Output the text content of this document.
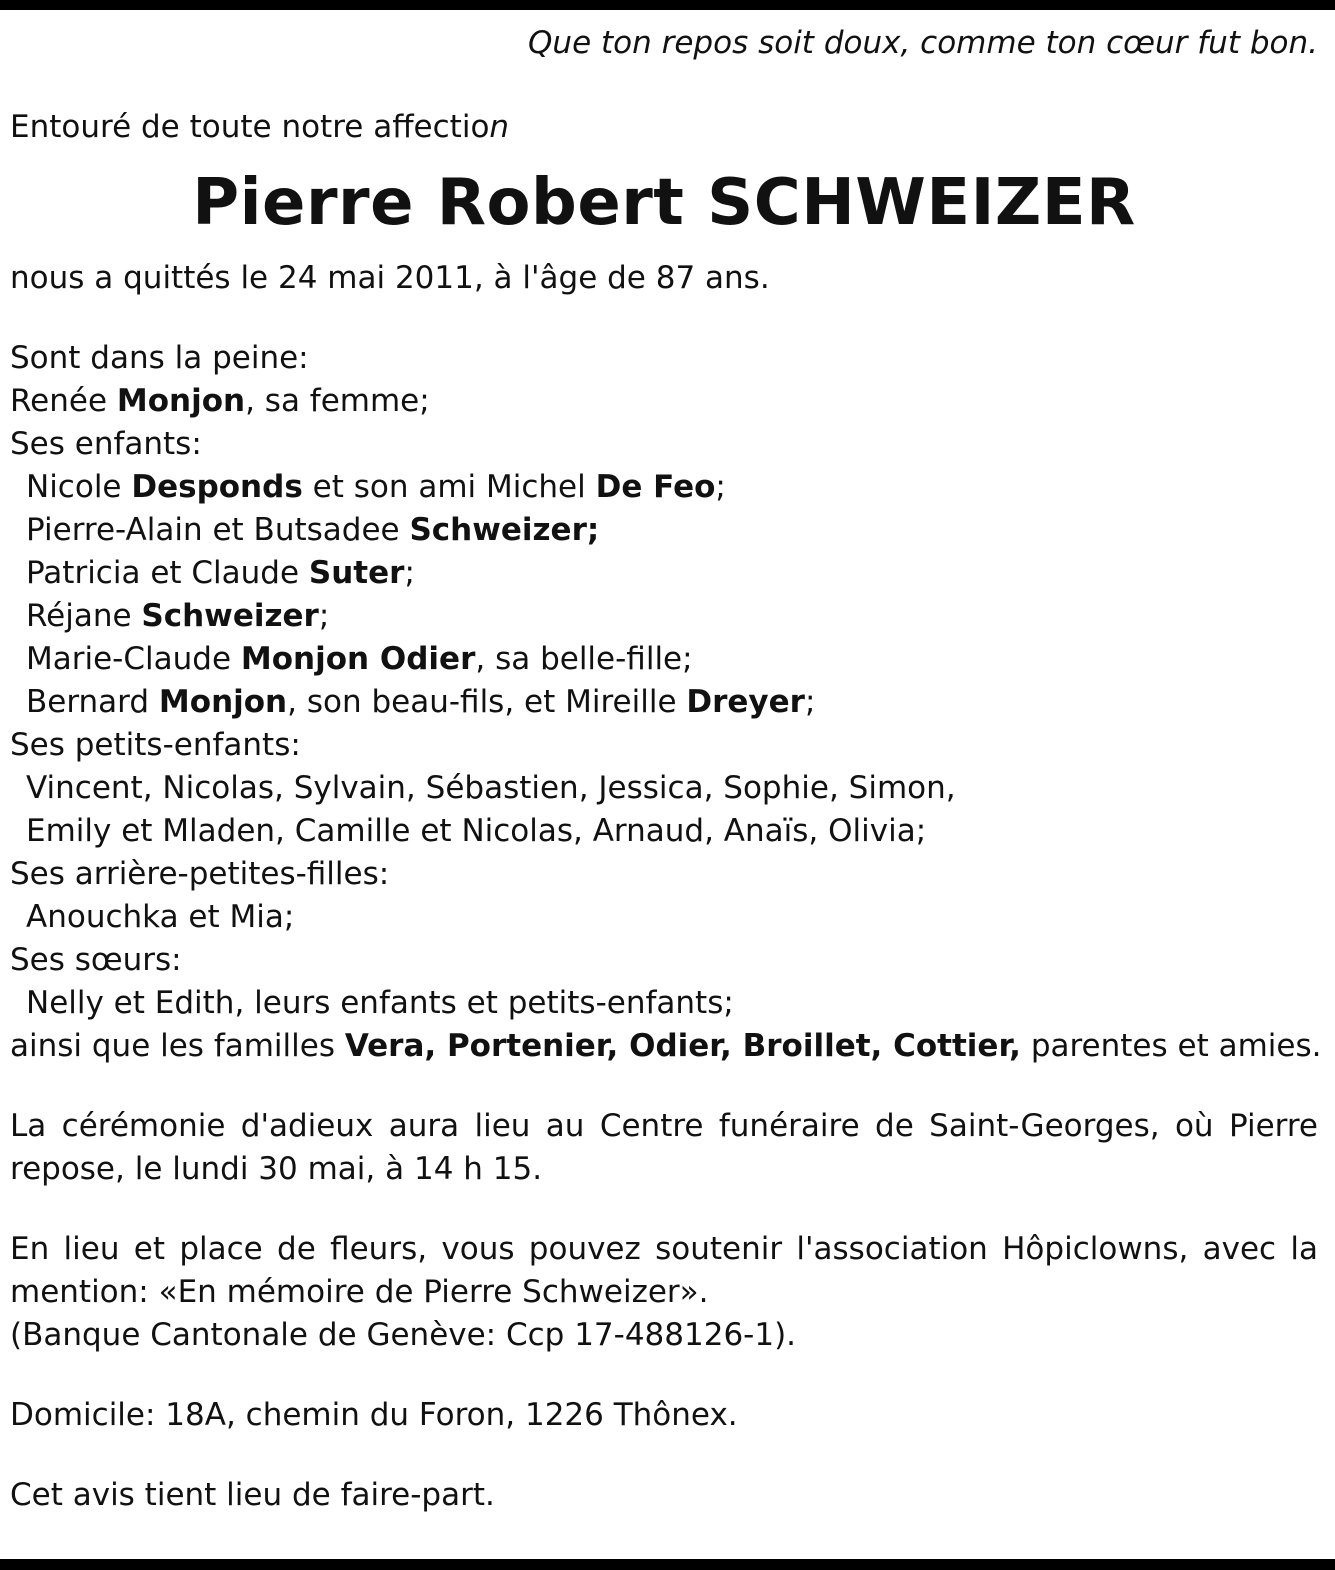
Que ton repos soit doux, comme ton cœur fut bon.

Entouré de toute notre affection

Pierre Robert SCHWEIZER

nous a quittés le 24 mai 2011, à l'âge de 87 ans.

Sont dans la peine:

Renée Monjon, sa femme;

Ses enfants:

Nicole Desponds et son ami Michel De Feo;

Pierre-Alain et Butsadee Schweizer;

Patricia et Claude Suter;

Réjane Schweizer;

Marie-Claude Monjon Odier, sa belle-fille;

Bernard Monjon, son beau-fils, et Mireille Dreyer;

Ses petits-enfants:

Vincent, Nicolas, Sylvain, Sébastien, Jessica, Sophie, Simon,

Emily et Mladen, Camille et Nicolas, Arnaud, Anaïs, Olivia;

Ses arrière-petites-filles:

Anouchka et Mia;

Ses sœurs:

Nelly et Edith, leurs enfants et petits-enfants;

ainsi que les familles Vera, Portenier, Odier, Broillet, Cottier, parentes et amies.

La cérémonie d'adieux aura lieu au Centre funéraire de Saint-Georges, où Pierre repose, le lundi 30 mai, à 14 h 15.

En lieu et place de fleurs, vous pouvez soutenir l'association Hôpiclowns, avec la mention: «En mémoire de Pierre Schweizer».

(Banque Cantonale de Genève: Ccp 17-488126-1).

Domicile: 18A, chemin du Foron, 1226 Thônex.

Cet avis tient lieu de faire-part.
